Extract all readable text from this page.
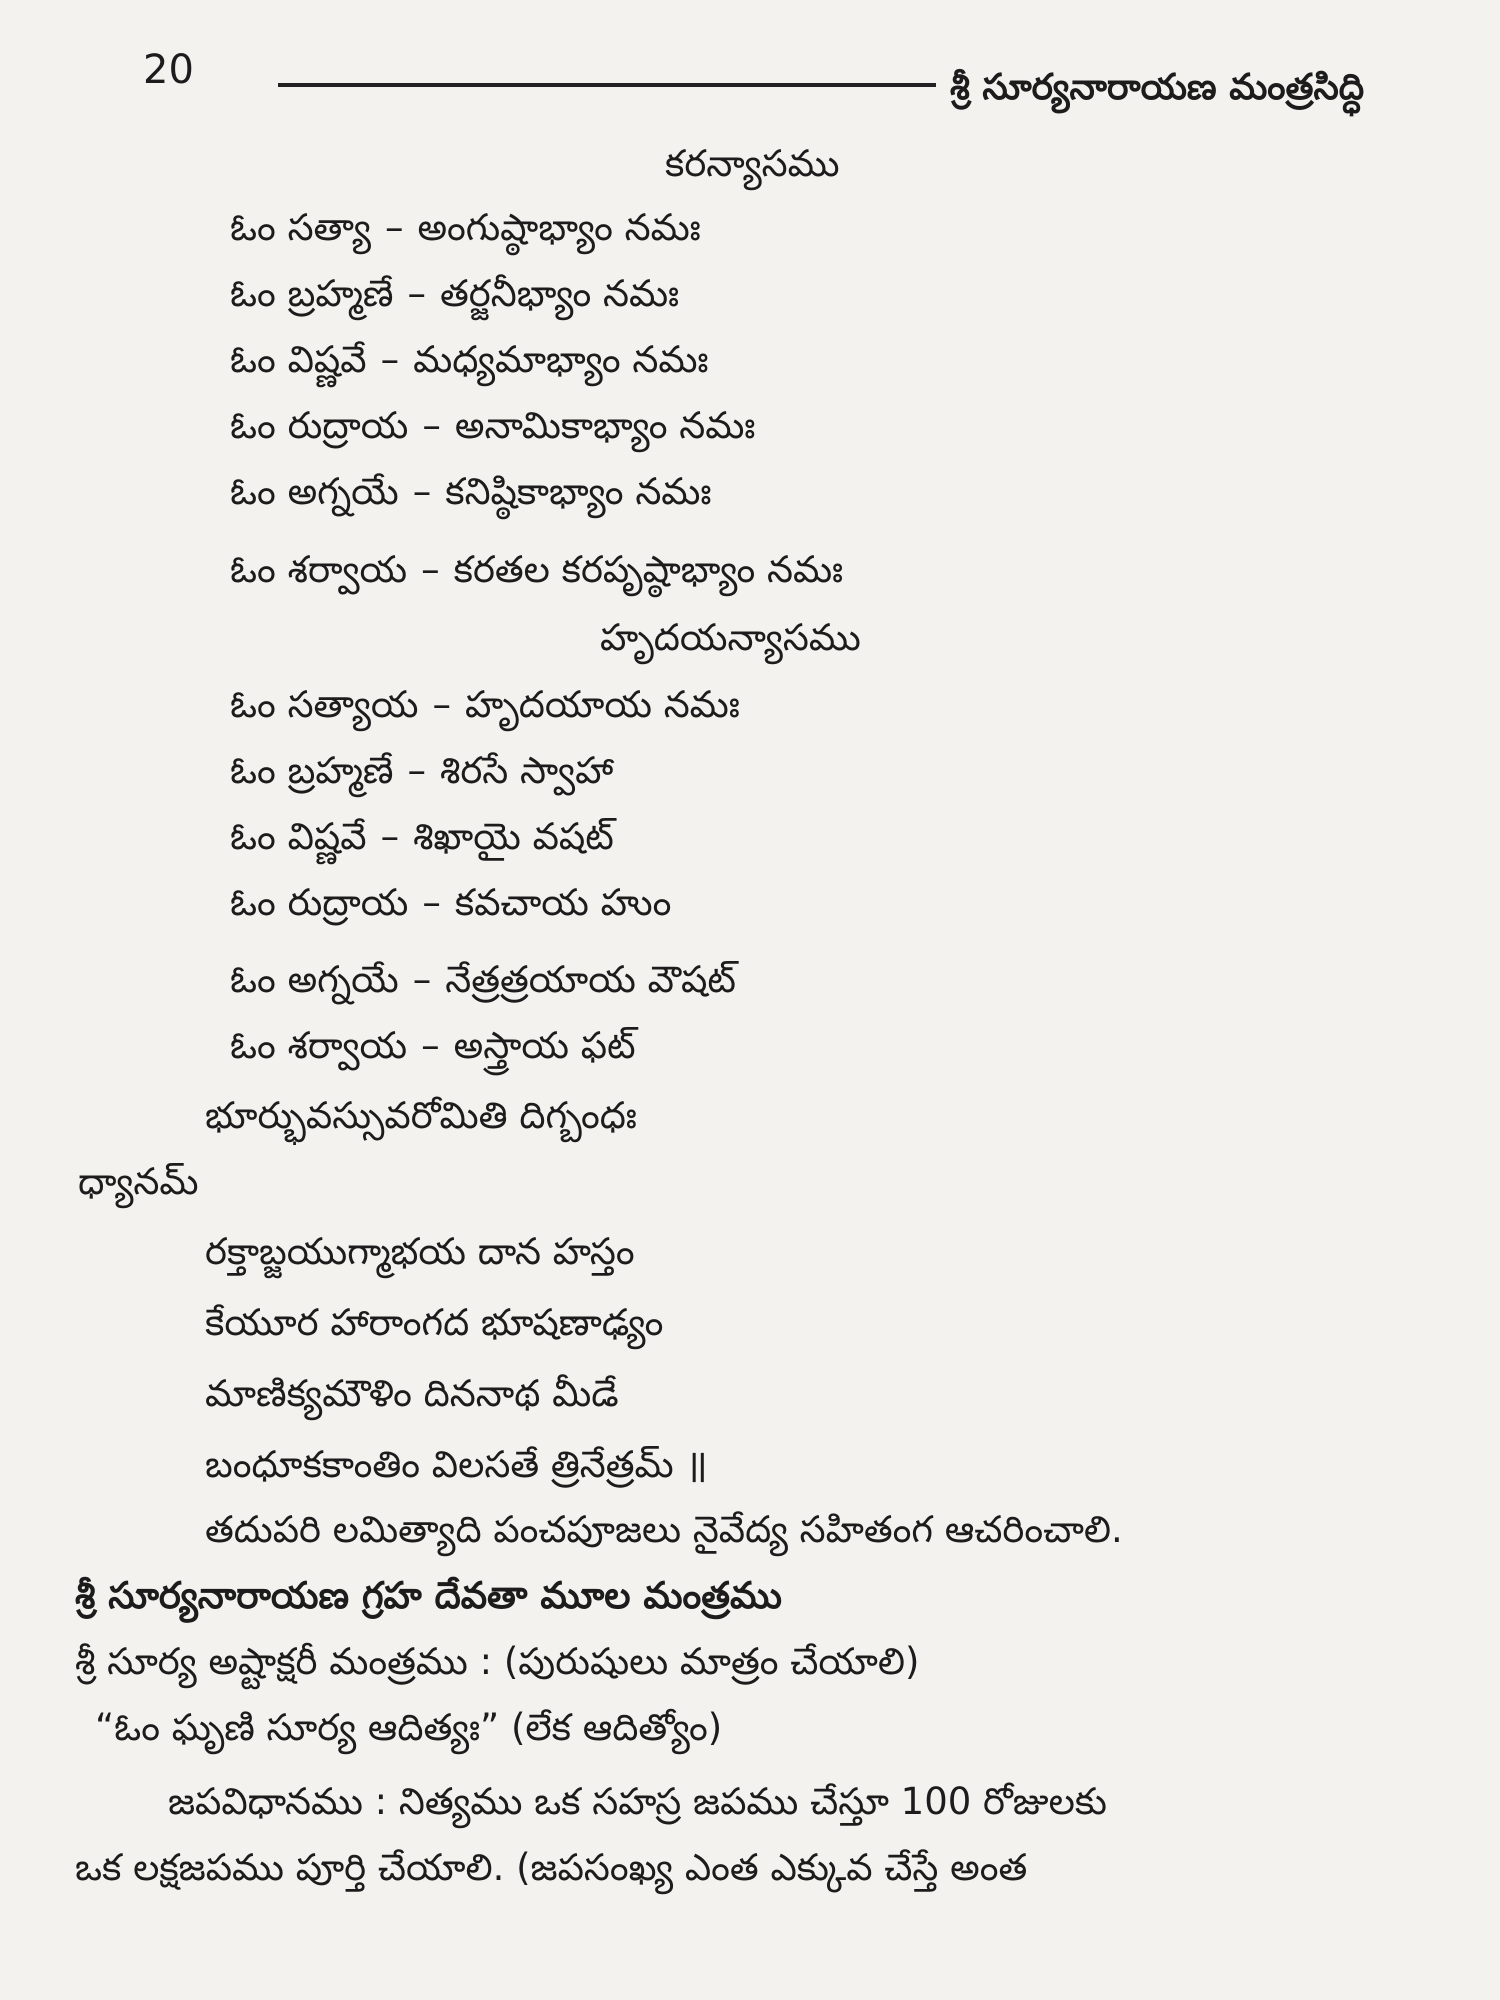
20	శ్రీ సూర్యనారాయణ మంత్రసిద్ధి
కరన్యాసము
ఓం సత్యా – అంగుష్ఠాభ్యాం నమః
ఓం బ్రహ్మణే – తర్జనీభ్యాం నమః
ఓం విష్ణవే – మధ్యమాభ్యాం నమః
ఓం రుద్రాయ – అనామికాభ్యాం నమః
ఓం అగ్నయే – కనిష్ఠికాభ్యాం నమః
ఓం శర్వాయ – కరతల కరపృష్ఠాభ్యాం నమః
హృదయన్యాసము
ఓం సత్యాయ – హృదయాయ నమః
ఓం బ్రహ్మణే – శిరసే స్వాహా
ఓం విష్ణవే – శిఖాయై వషట్
ఓం రుద్రాయ – కవచాయ హుం
ఓం అగ్నయే – నేత్రత్రయాయ వౌషట్
ఓం శర్వాయ – అస్త్రాయ ఫట్
భూర్భువస్సువరోమితి దిగ్బంధః
ధ్యానమ్
రక్తాబ్జయుగ్మాభయ దాన హస్తం
కేయూర హారాంగద భూషణాఢ్యం
మాణిక్యమౌళిం దిననాథ మీడే
బంధూకకాంతిం విలసతే త్రినేత్రమ్ ॥
తదుపరి లమిత్యాది పంచపూజలు నైవేద్య సహితంగ ఆచరించాలి.
శ్రీ సూర్యనారాయణ గ్రహ దేవతా మూల మంత్రము
శ్రీ సూర్య అష్టాక్షరీ మంత్రము : (పురుషులు మాత్రం చేయాలి)
“ఓం ఘృణి సూర్య ఆదిత్యః” (లేక ఆదిత్యోం)
జపవిధానము : నిత్యము ఒక సహస్ర జపము చేస్తూ 100 రోజులకు
ఒక లక్షజపము పూర్తి చేయాలి. (జపసంఖ్య ఎంత ఎక్కువ చేస్తే అంత
